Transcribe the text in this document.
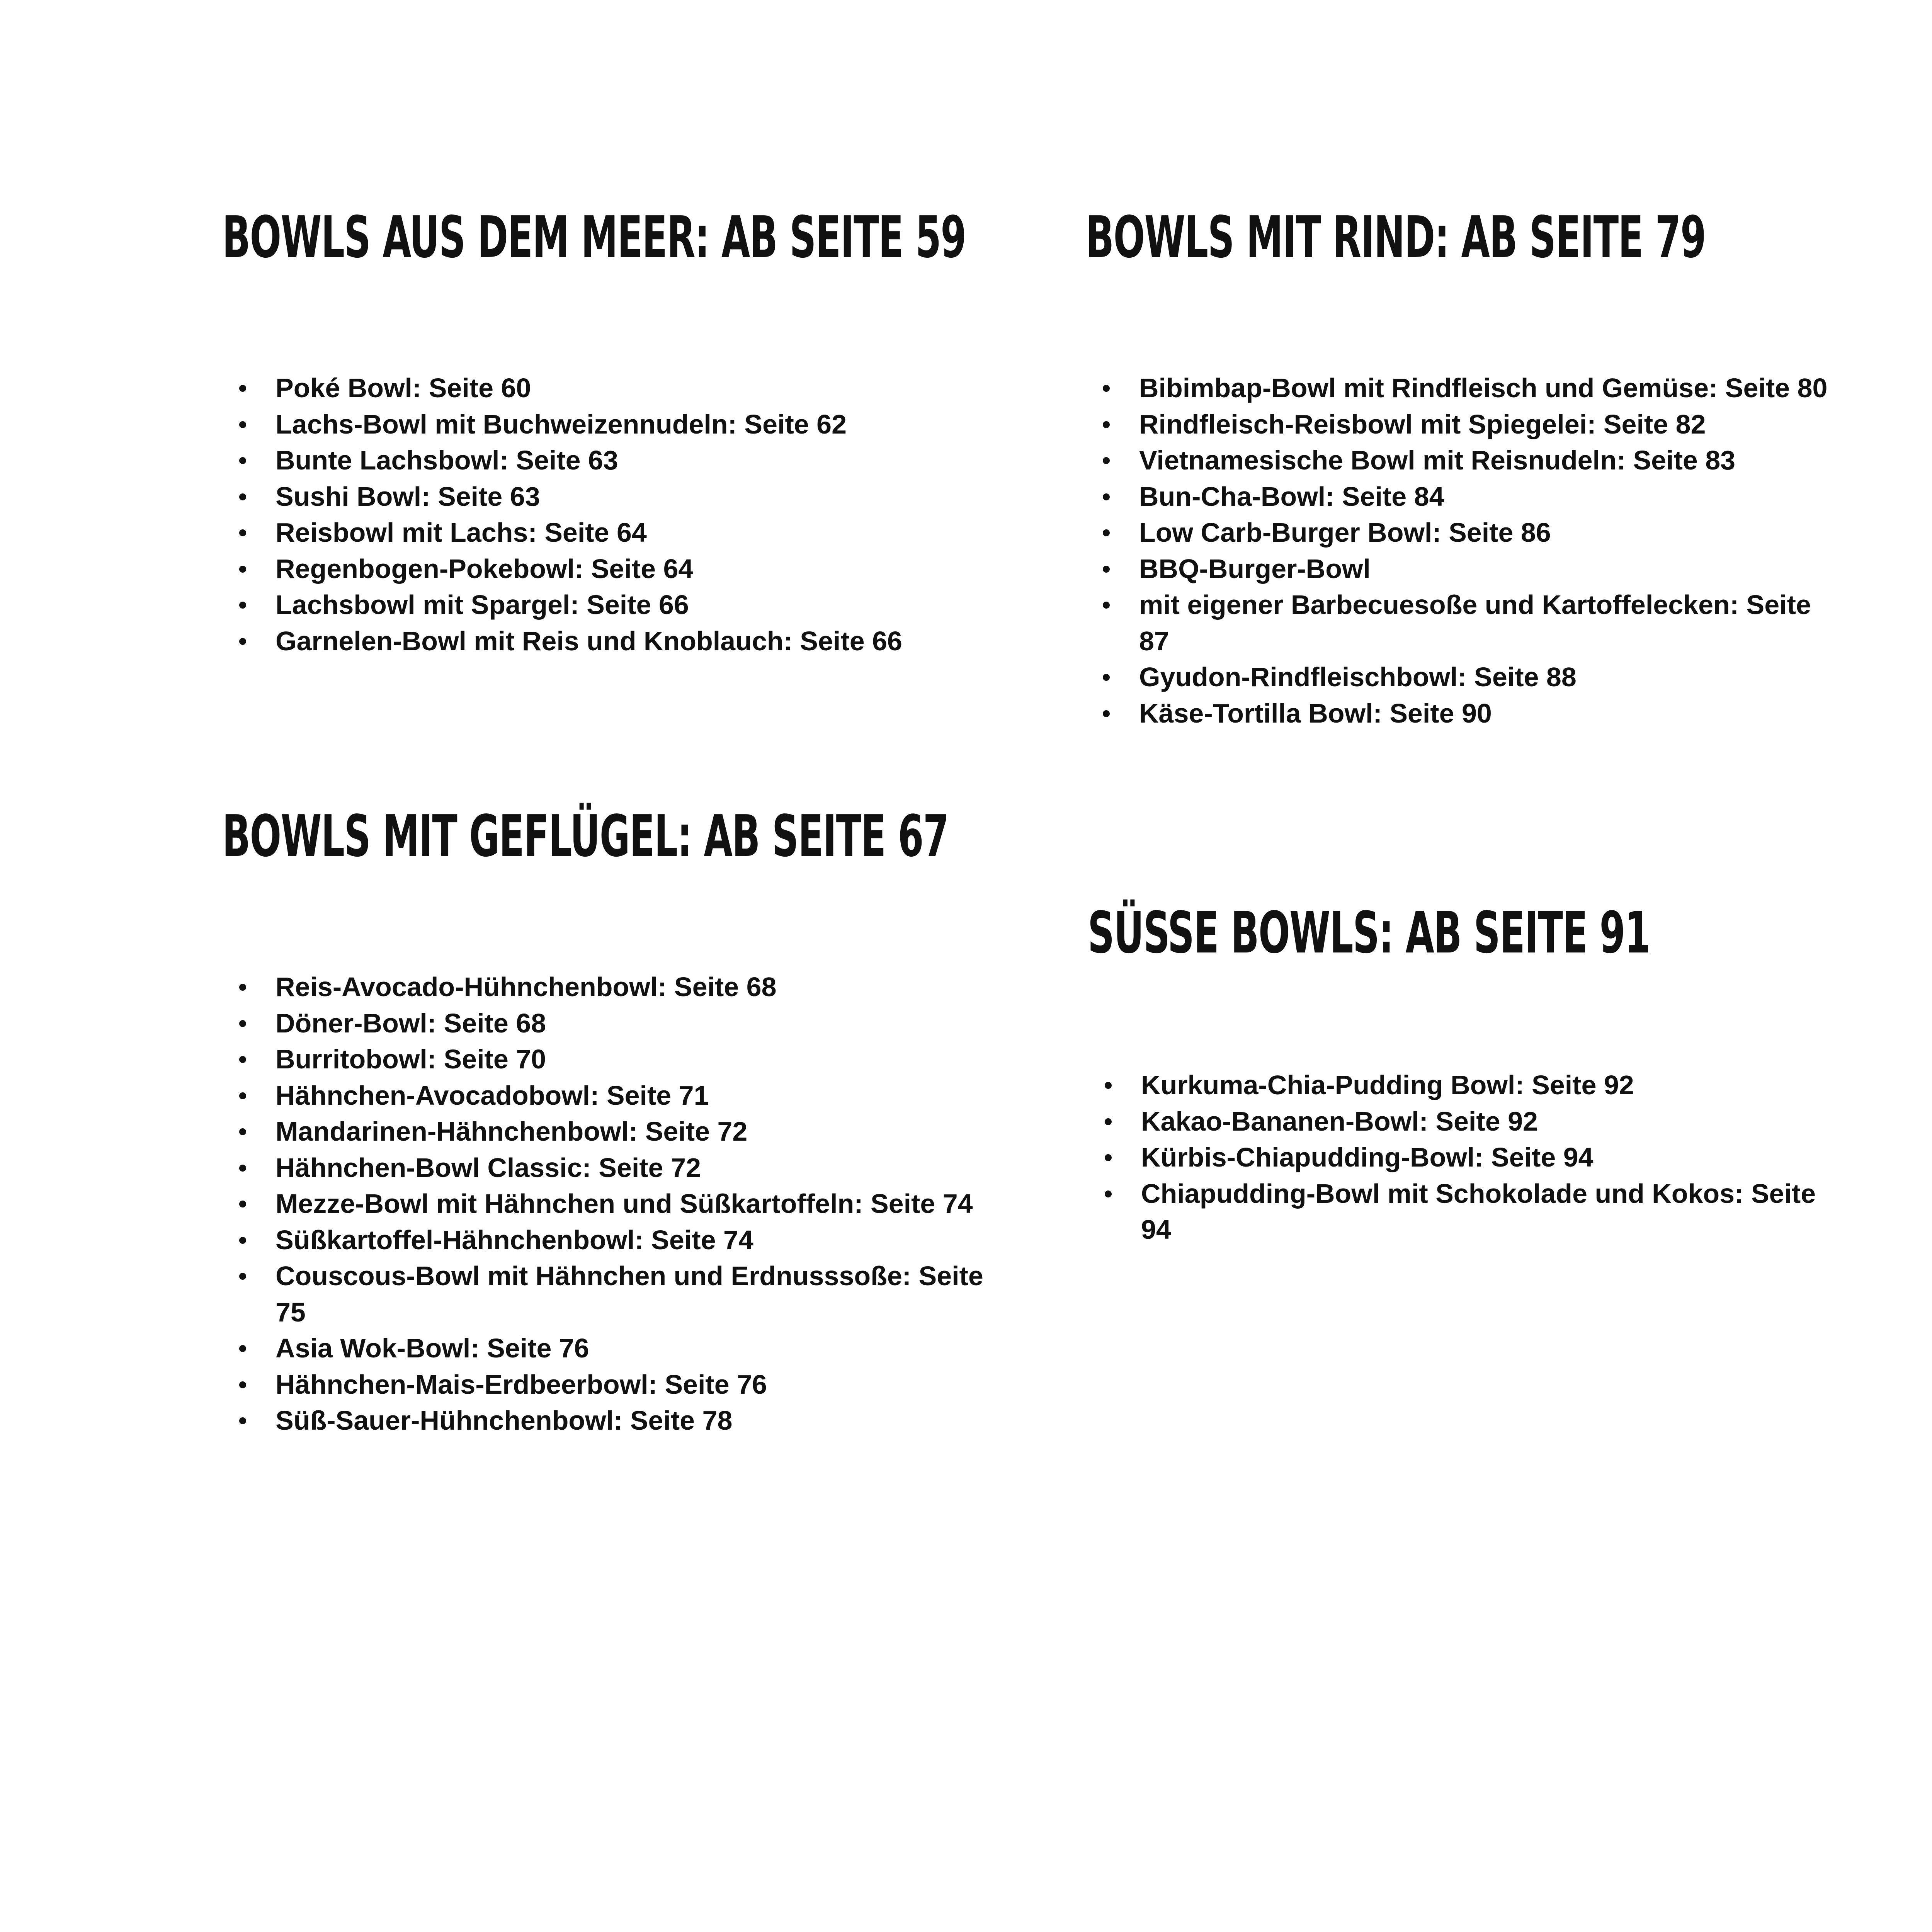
BOWLS AUS DEM MEER: AB SEITE 59
Poké Bowl: Seite 60
Lachs-Bowl mit Buchweizennudeln: Seite 62
Bunte Lachsbowl: Seite 63
Sushi Bowl: Seite 63
Reisbowl mit Lachs: Seite 64
Regenbogen-Pokebowl: Seite 64
Lachsbowl mit Spargel: Seite 66
Garnelen-Bowl mit Reis und Knoblauch: Seite 66
BOWLS MIT RIND: AB SEITE 79
Bibimbap-Bowl mit Rindfleisch und Gemüse: Seite 80
Rindfleisch-Reisbowl mit Spiegelei: Seite 82
Vietnamesische Bowl mit Reisnudeln: Seite 83
Bun-Cha-Bowl: Seite 84
Low Carb-Burger Bowl: Seite 86
BBQ-Burger-Bowl
mit eigener Barbecuesoße und Kartoffelecken: Seite 87
Gyudon-Rindfleischbowl: Seite 88
Käse-Tortilla Bowl: Seite 90
BOWLS MIT GEFLÜGEL: AB SEITE 67
Reis-Avocado-Hühnchenbowl: Seite 68
Döner-Bowl: Seite 68
Burritobowl: Seite 70
Hähnchen-Avocadobowl: Seite 71
Mandarinen-Hähnchenbowl: Seite 72
Hähnchen-Bowl Classic: Seite 72
Mezze-Bowl mit Hähnchen und Süßkartoffeln: Seite 74
Süßkartoffel-Hähnchenbowl: Seite 74
Couscous-Bowl mit Hähnchen und Erdnusssoße: Seite 75
Asia Wok-Bowl: Seite 76
Hähnchen-Mais-Erdbeerbowl: Seite 76
Süß-Sauer-Hühnchenbowl: Seite 78
SÜSSE BOWLS: AB SEITE 91
Kurkuma-Chia-Pudding Bowl: Seite 92
Kakao-Bananen-Bowl: Seite 92
Kürbis-Chiapudding-Bowl: Seite 94
Chiapudding-Bowl mit Schokolade und Kokos: Seite 94
